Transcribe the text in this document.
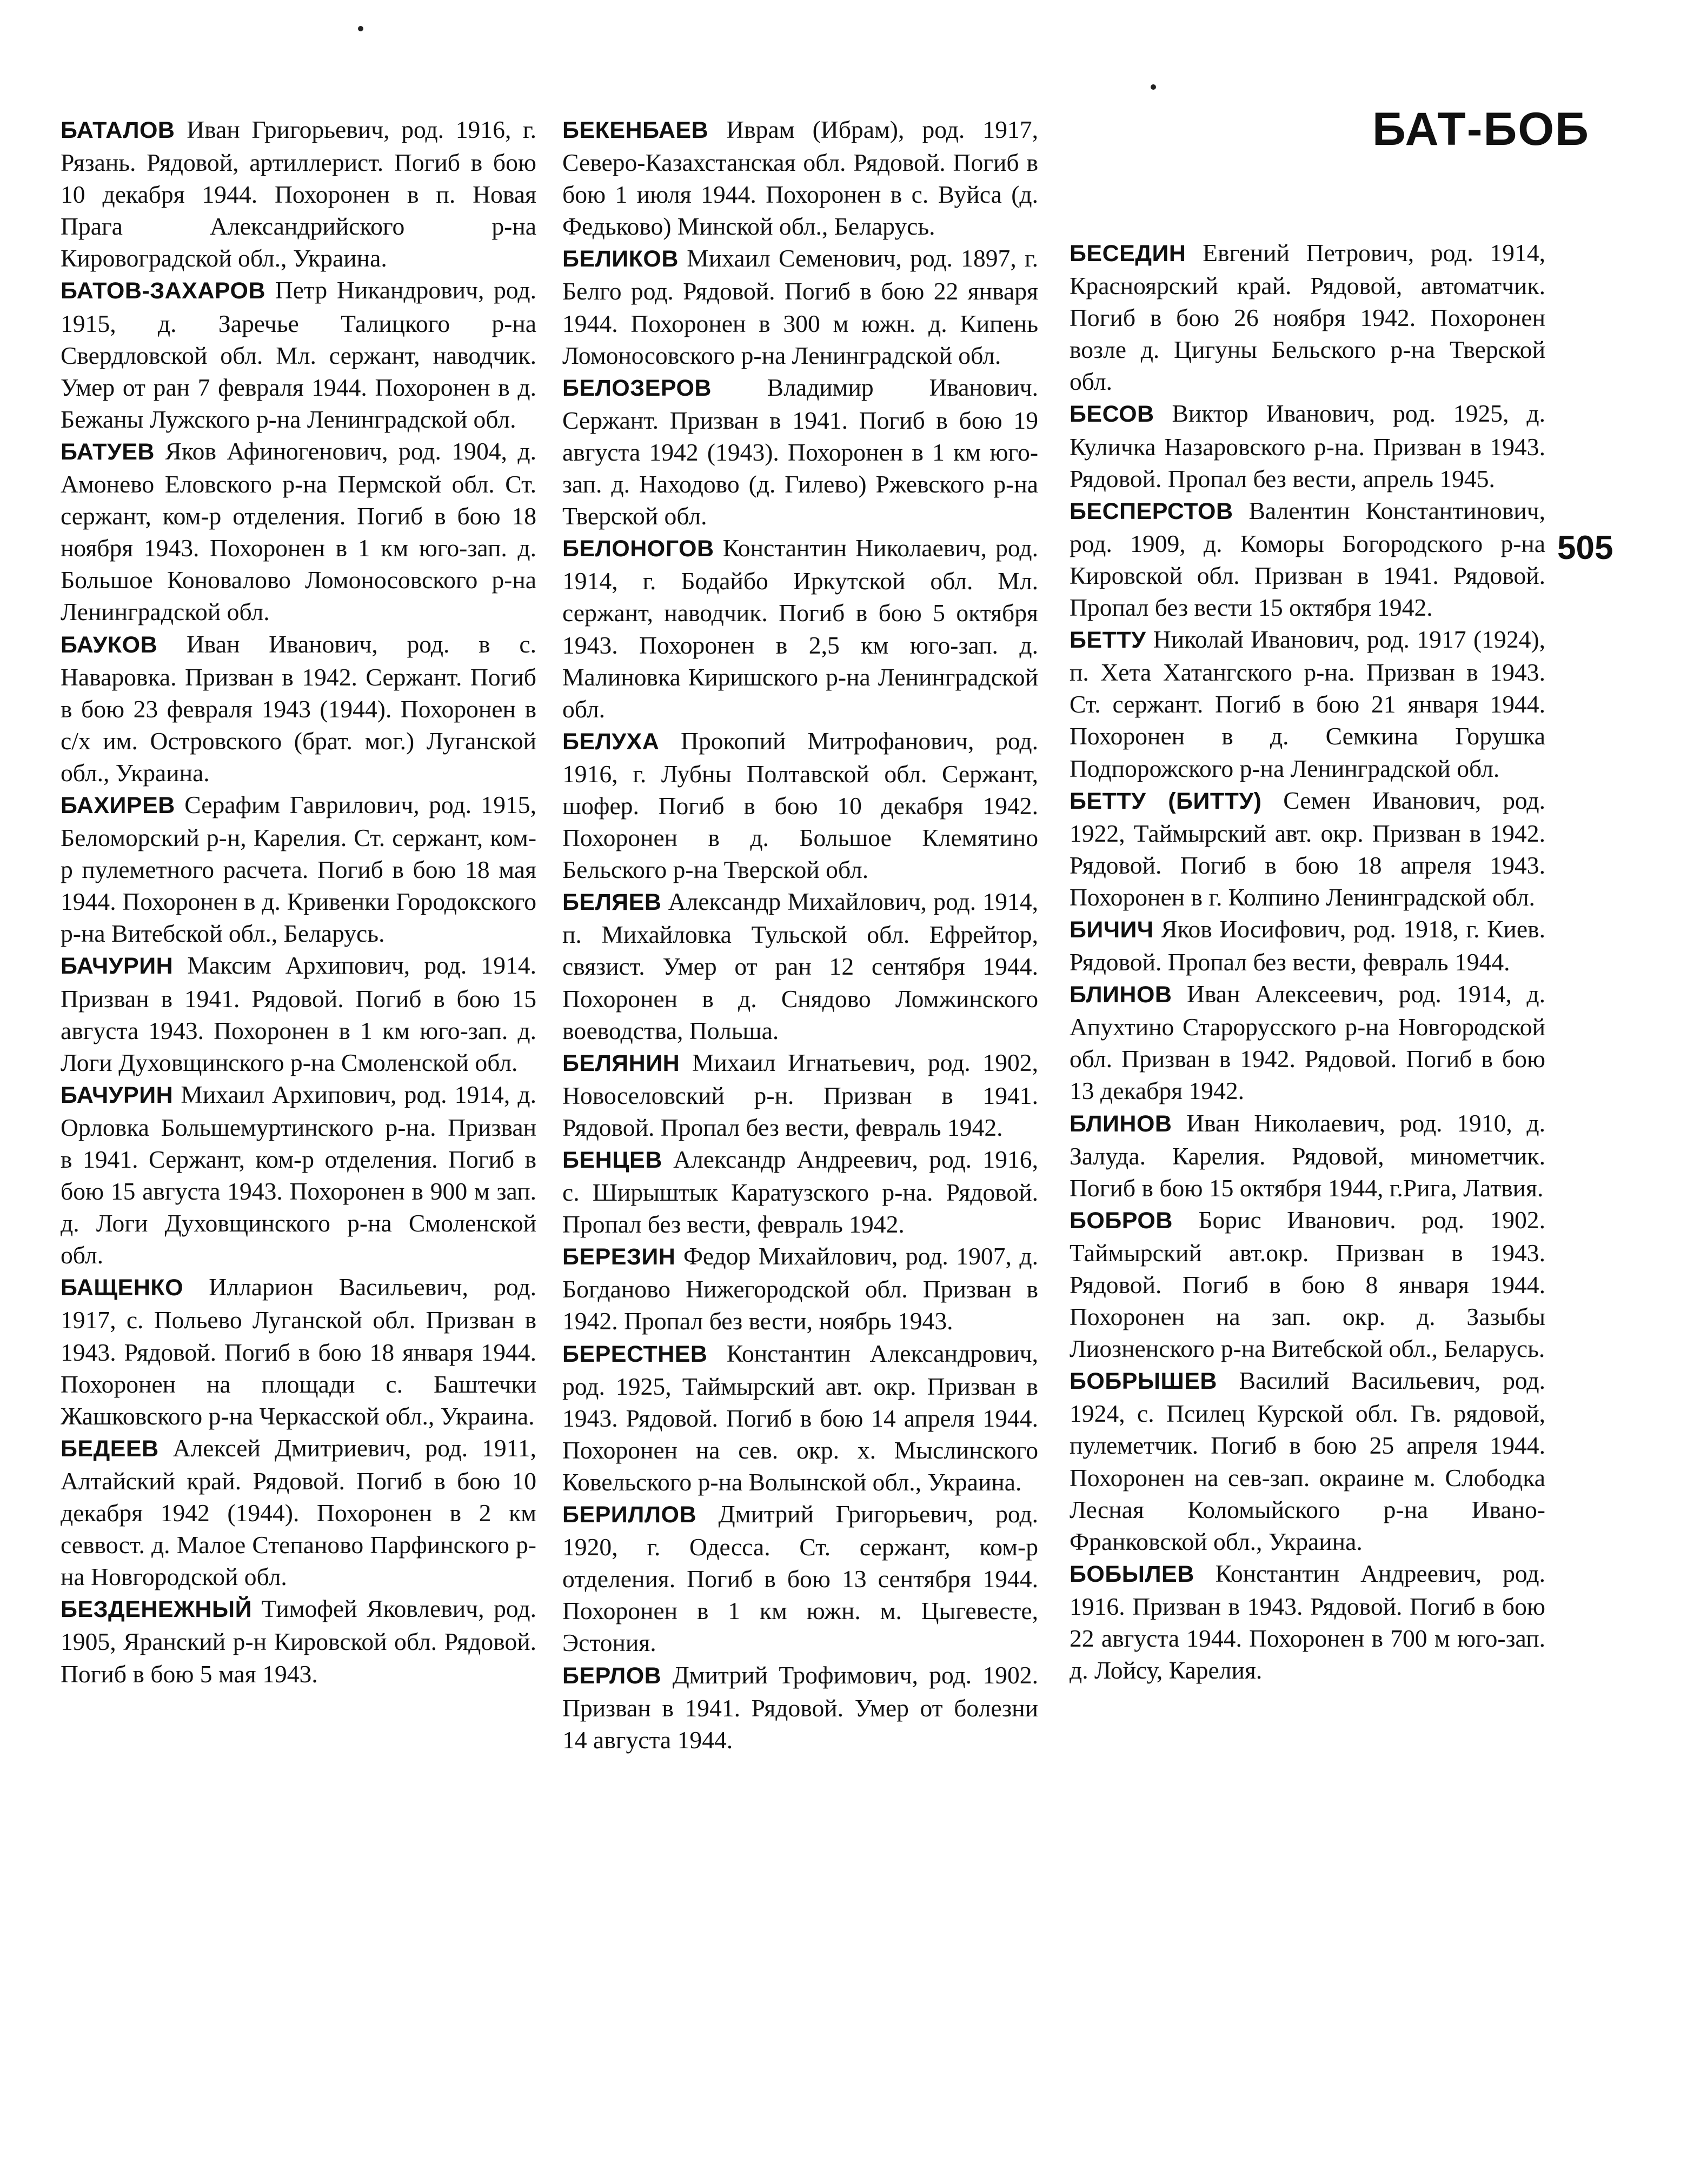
БАТ-БОБ
505

БАТАЛОВ Иван Григорьевич, род. 1916, г. Рязань. Рядовой, артиллерист. Погиб в бою 10 декабря 1944. Похоронен в п. Новая Прага Александрийского р-на Кировоградской обл., Украина.

БАТОВ-ЗАХАРОВ Петр Никандрович, род. 1915, д. Заречье Талицкого р-на Свердловской обл. Мл. сержант, наводчик. Умер от ран 7 февраля 1944. Похоронен в д. Бежаны Лужского р-на Ленинградской обл.

БАТУЕВ Яков Афиногенович, род. 1904, д. Амонево Еловского р-на Пермской обл. Ст. сержант, ком-р отделения. Погиб в бою 18 ноября 1943. Похоронен в 1 км юго-зап. д. Большое Коновалово Ломоносовского р-на Ленинградской обл.

БАУКОВ Иван Иванович, род. в с. Наваровка. Призван в 1942. Сержант. Погиб в бою 23 февраля 1943 (1944). Похоронен в с/х им. Островского (брат. мог.) Луганской обл., Украина.

БАХИРЕВ Серафим Гаврилович, род. 1915, Беломорский р-н, Карелия. Ст. сержант, ком-р пулеметного расчета. Погиб в бою 18 мая 1944. Похоронен в д. Кривенки Городокского р-на Витебской обл., Беларусь.

БАЧУРИН Максим Архипович, род. 1914. Призван в 1941. Рядовой. Погиб в бою 15 августа 1943. Похоронен в 1 км юго-зап. д. Логи Духовщинского р-на Смоленской обл.

БАЧУРИН Михаил Архипович, род. 1914, д. Орловка Большемуртинского р-на. Призван в 1941. Сержант, ком-р отделения. Погиб в бою 15 августа 1943. Похоронен в 900 м зап. д. Логи Духовщинского р-на Смоленской обл.

БАЩЕНКО Илларион Васильевич, род. 1917, с. Польево Луганской обл. Призван в 1943. Рядовой. Погиб в бою 18 января 1944. Похоронен на площади с. Баштечки Жашковского р-на Черкасской обл., Украина.

БЕДЕЕВ Алексей Дмитриевич, род. 1911, Алтайский край. Рядовой. Погиб в бою 10 декабря 1942 (1944). Похоронен в 2 км севвост. д. Малое Степаново Парфинского р-на Новгородской обл.

БЕЗДЕНЕЖНЫЙ Тимофей Яковлевич, род. 1905, Яранский р-н Кировской обл. Рядовой. Погиб в бою 5 мая 1943.

БЕКЕНБАЕВ Иврам (Ибрам), род. 1917, Северо-Казахстанская обл. Рядовой. Погиб в бою 1 июля 1944. Похоронен в с. Вуйса (д. Федьково) Минской обл., Беларусь.

БЕЛИКОВ Михаил Семенович, род. 1897, г. Белго род. Рядовой. Погиб в бою 22 января 1944. Похоронен в 300 м южн. д. Кипень Ломоносовского р-на Ленинградской обл.

БЕЛОЗЕРОВ Владимир Иванович. Сержант. Призван в 1941. Погиб в бою 19 августа 1942 (1943). Похоронен в 1 км юго-зап. д. Находово (д. Гилево) Ржевского р-на Тверской обл.

БЕЛОНОГОВ Константин Николаевич, род. 1914, г. Бодайбо Иркутской обл. Мл. сержант, наводчик. Погиб в бою 5 октября 1943. Похоронен в 2,5 км юго-зап. д. Малиновка Киришского р-на Ленинградской обл.

БЕЛУХА Прокопий Митрофанович, род. 1916, г. Лубны Полтавской обл. Сержант, шофер. Погиб в бою 10 декабря 1942. Похоронен в д. Большое Клемятино Бельского р-на Тверской обл.

БЕЛЯЕВ Александр Михайлович, род. 1914, п. Михайловка Тульской обл. Ефрейтор, связист. Умер от ран 12 сентября 1944. Похоронен в д. Снядово Ломжинского воеводства, Польша.

БЕЛЯНИН Михаил Игнатьевич, род. 1902, Новоселовский р-н. Призван в 1941. Рядовой. Пропал без вести, февраль 1942.

БЕНЦЕВ Александр Андреевич, род. 1916, с. Ширыштык Каратузского р-на. Рядовой. Пропал без вести, февраль 1942.

БЕРЕЗИН Федор Михайлович, род. 1907, д. Богданово Нижегородской обл. Призван в 1942. Пропал без вести, ноябрь 1943.

БЕРЕСТНЕВ Константин Александрович, род. 1925, Таймырский авт. окр. Призван в 1943. Рядовой. Погиб в бою 14 апреля 1944. Похоронен на сев. окр. х. Мыслинского Ковельского р-на Волынской обл., Украина.

БЕРИЛЛОВ Дмитрий Григорьевич, род. 1920, г. Одесса. Ст. сержант, ком-р отделения. Погиб в бою 13 сентября 1944. Похоронен в 1 км южн. м. Цыгевесте, Эстония.

БЕРЛОВ Дмитрий Трофимович, род. 1902. Призван в 1941. Рядовой. Умер от болезни 14 августа 1944.

БЕСЕДИН Евгений Петрович, род. 1914, Красноярский край. Рядовой, автоматчик. Погиб в бою 26 ноября 1942. Похоронен возле д. Цигуны Бельского р-на Тверской обл.

БЕСОВ Виктор Иванович, род. 1925, д. Куличка Назаровского р-на. Призван в 1943. Рядовой. Пропал без вести, апрель 1945.

БЕСПЕРСТОВ Валентин Константинович, род. 1909, д. Коморы Богородского р-на Кировской обл. Призван в 1941. Рядовой. Пропал без вести 15 октября 1942.

БЕТТУ Николай Иванович, род. 1917 (1924), п. Хета Хатангского р-на. Призван в 1943. Ст. сержант. Погиб в бою 21 января 1944. Похоронен в д. Семкина Горушка Подпорожского р-на Ленинградской обл.

БЕТТУ (БИТТУ) Семен Иванович, род. 1922, Таймырский авт. окр. Призван в 1942. Рядовой. Погиб в бою 18 апреля 1943. Похоронен в г. Колпино Ленинградской обл.

БИЧИЧ Яков Иосифович, род. 1918, г. Киев. Рядовой. Пропал без вести, февраль 1944.

БЛИНОВ Иван Алексеевич, род. 1914, д. Апухтино Старорусского р-на Новгородской обл. Призван в 1942. Рядовой. Погиб в бою 13 декабря 1942.

БЛИНОВ Иван Николаевич, род. 1910, д. Залуда. Карелия. Рядовой, минометчик. Погиб в бою 15 октября 1944, г.Рига, Латвия.

БОБРОВ Борис Иванович. род. 1902. Таймырский авт.окр. Призван в 1943. Рядовой. Погиб в бою 8 января 1944. Похоронен на зап. окр. д. Зазыбы Лиозненского р-на Витебской обл., Беларусь.

БОБРЫШЕВ Василий Васильевич, род. 1924, с. Псилец Курской обл. Гв. рядовой, пулеметчик. Погиб в бою 25 апреля 1944. Похоронен на сев-зап. окраине м. Слободка Лесная Коломыйского р-на Ивано-Франковской обл., Украина.

БОБЫЛЕВ Константин Андреевич, род. 1916. Призван в 1943. Рядовой. Погиб в бою 22 августа 1944. Похоронен в 700 м юго-зап. д. Лойсу, Карелия.
